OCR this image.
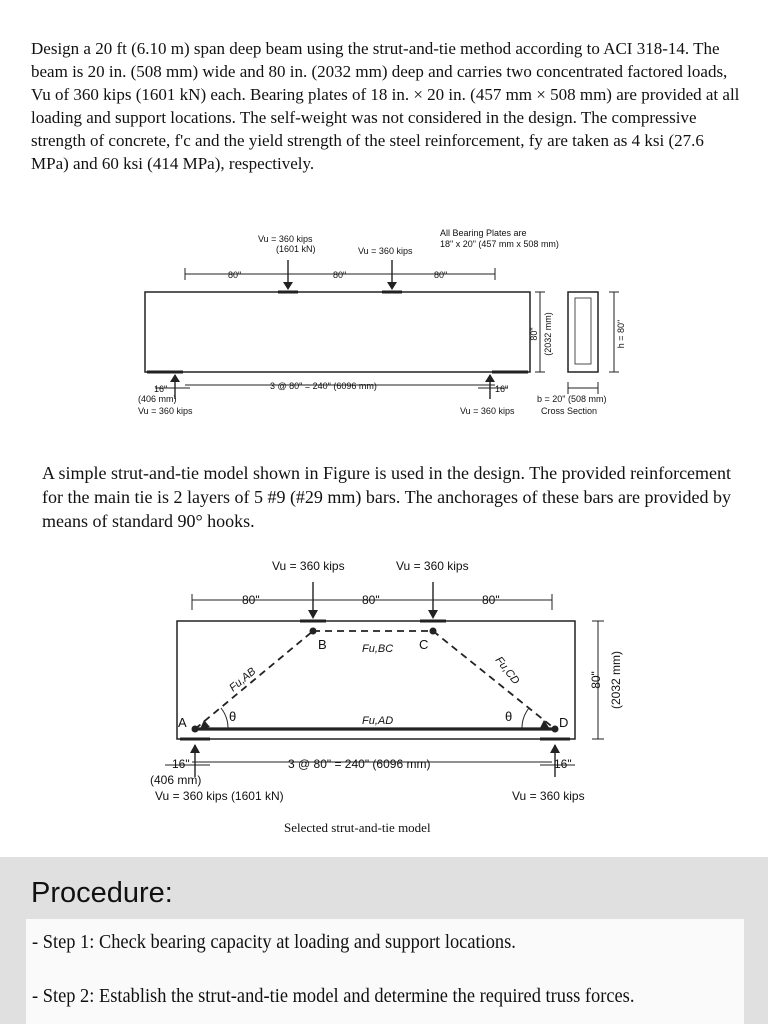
Design a 20 ft (6.10 m) span deep beam using the strut-and-tie method according to ACI 318-14. The beam is 20 in. (508 mm) wide and 80 in. (2032 mm) deep and carries two concentrated factored loads, Vu of 360 kips (1601 kN) each. Bearing plates of 18 in. × 20 in. (457 mm × 508 mm) are provided at all loading and support locations. The self-weight was not considered in the design. The compressive strength of concrete, f'c and the yield strength of the steel reinforcement, fy are taken as 4 ksi (27.6 MPa) and 60 ksi (414 MPa), respectively.

Vu = 360 kips
(1601 kN)	Vu = 360 kips
All Bearing Plates are
18" x 20" (457 mm x 508 mm)
80"	80"	80"
3 @ 80" = 240" (6096 mm)
16"	16"
(406 mm)
Vu = 360 kips	Vu = 360 kips
b = 20" (508 mm)
Cross Section
80" (2032 mm)	h = 80"

A simple strut-and-tie model shown in Figure is used in the design. The provided reinforcement for the main tie is 2 layers of 5 #9 (#29 mm) bars. The anchorages of these bars are provided by means of standard 90° hooks.

Vu = 360 kips	Vu = 360 kips
80"	80"	80"
A
B	C
D
Fu,BC
Fu,AB	Fu,CD
Fu,AD
θ	θ
3 @ 80" = 240" (6096 mm)
16"	16"
(406 mm)
Vu = 360 kips (1601 kN)	Vu = 360 kips
80" (2032 mm)
Selected strut-and-tie model
Procedure:
- Step 1: Check bearing capacity at loading and support locations.
- Step 2: Establish the strut-and-tie model and determine the required truss forces.
